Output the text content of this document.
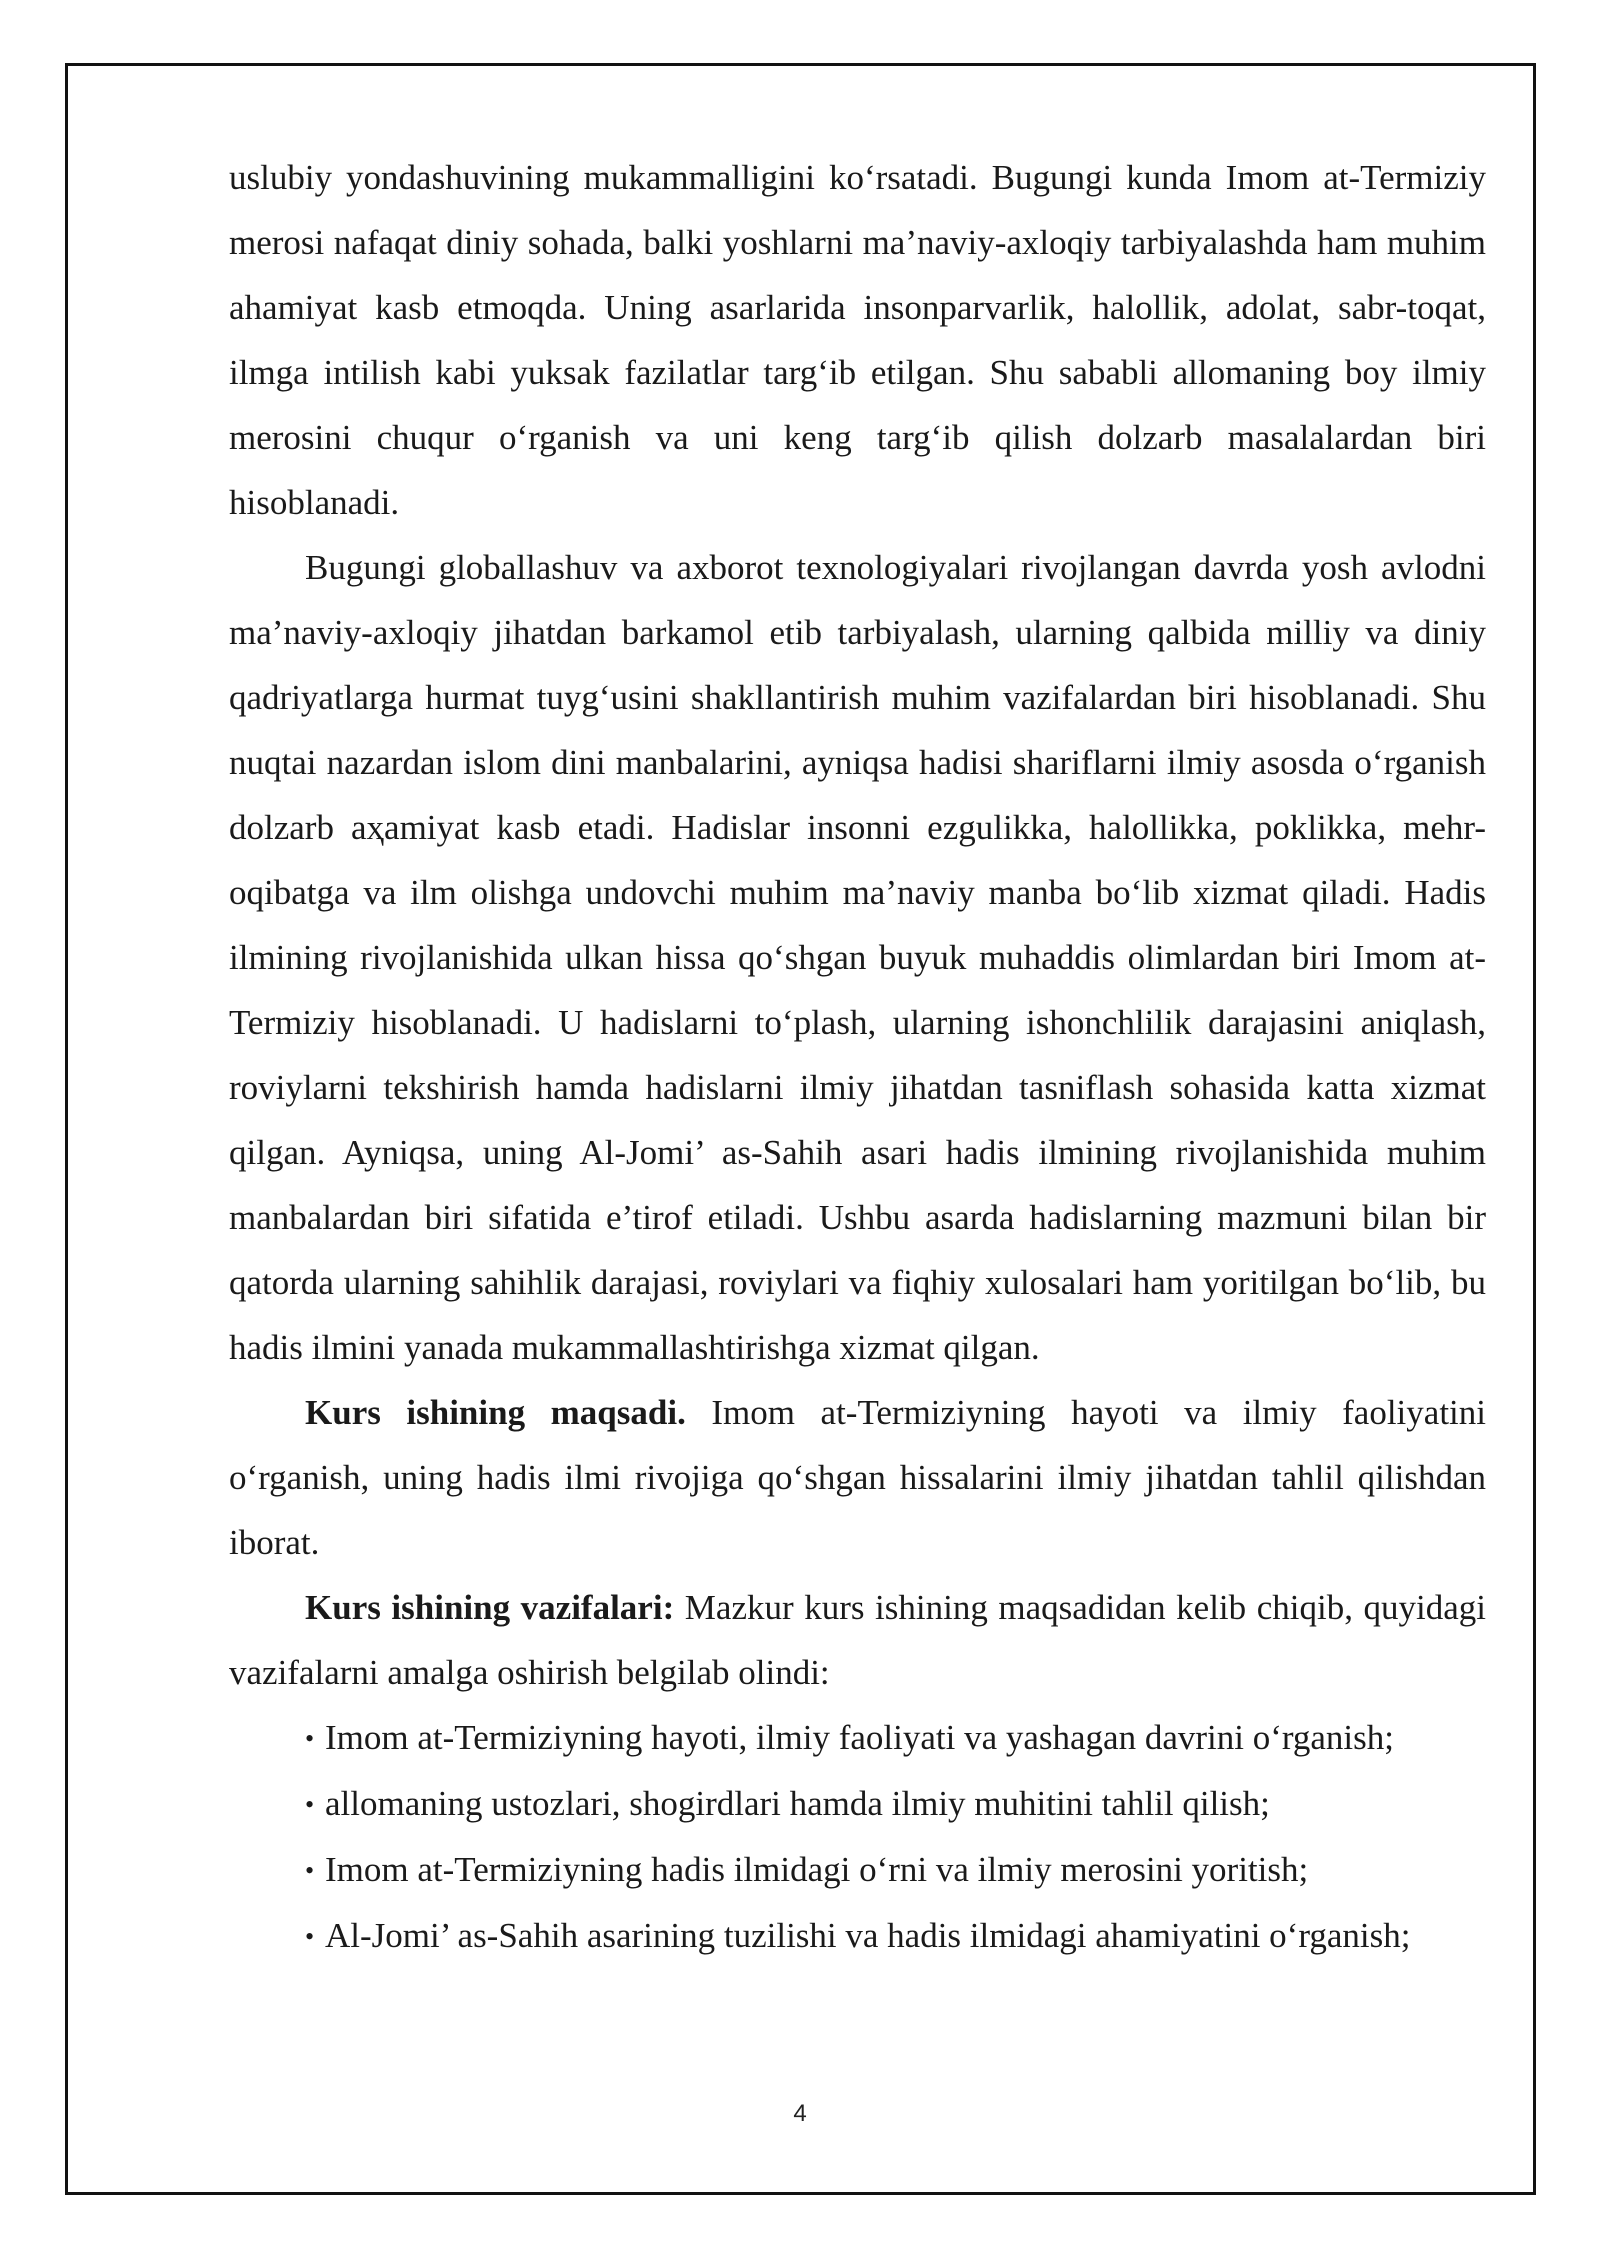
uslubiy yondashuvining mukammalligini ko‘rsatadi. Bugungi kunda Imom at-Termiziy merosi nafaqat diniy sohada, balki yoshlarni ma’naviy-axloqiy tarbiyalashda ham muhim ahamiyat kasb etmoqda. Uning asarlarida insonparvarlik, halollik, adolat, sabr-toqat, ilmga intilish kabi yuksak fazilatlar targ‘ib etilgan. Shu sababli allomaning boy ilmiy merosini chuqur o‘rganish va uni keng targ‘ib qilish dolzarb masalalardan biri hisoblanadi.

Bugungi globallashuv va axborot texnologiyalari rivojlangan davrda yosh avlodni ma’naviy-axloqiy jihatdan barkamol etib tarbiyalash, ularning qalbida milliy va diniy qadriyatlarga hurmat tuyg‘usini shakllantirish muhim vazifalardan biri hisoblanadi. Shu nuqtai nazardan islom dini manbalarini, ayniqsa hadisi shariflarni ilmiy asosda o‘rganish dolzarb aҳamiyat kasb etadi. Hadislar insonni ezgulikka, halollikka, poklikka, mehr-oqibatga va ilm olishga undovchi muhim ma’naviy manba bo‘lib xizmat qiladi. Hadis ilmining rivojlanishida ulkan hissa qo‘shgan buyuk muhaddis olimlardan biri Imom at-Termiziy hisoblanadi. U hadislarni to‘plash, ularning ishonchlilik darajasini aniqlash, roviylarni tekshirish hamda hadislarni ilmiy jihatdan tasniflash sohasida katta xizmat qilgan. Ayniqsa, uning Al-Jomi’ as-Sahih asari hadis ilmining rivojlanishida muhim manbalardan biri sifatida e’tirof etiladi. Ushbu asarda hadislarning mazmuni bilan bir qatorda ularning sahihlik darajasi, roviylari va fiqhiy xulosalari ham yoritilgan bo‘lib, bu hadis ilmini yanada mukammallashtirishga xizmat qilgan.

Kurs ishining maqsadi. Imom at-Termiziyning hayoti va ilmiy faoliyatini o‘rganish, uning hadis ilmi rivojiga qo‘shgan hissalarini ilmiy jihatdan tahlil qilishdan iborat.

Kurs ishining vazifalari: Mazkur kurs ishining maqsadidan kelib chiqib, quyidagi vazifalarni amalga oshirish belgilab olindi:

• Imom at-Termiziyning hayoti, ilmiy faoliyati va yashagan davrini o‘rganish;
• allomaning ustozlari, shogirdlari hamda ilmiy muhitini tahlil qilish;
• Imom at-Termiziyning hadis ilmidagi o‘rni va ilmiy merosini yoritish;
• Al-Jomi’ as-Sahih asarining tuzilishi va hadis ilmidagi ahamiyatini o‘rganish;
4
